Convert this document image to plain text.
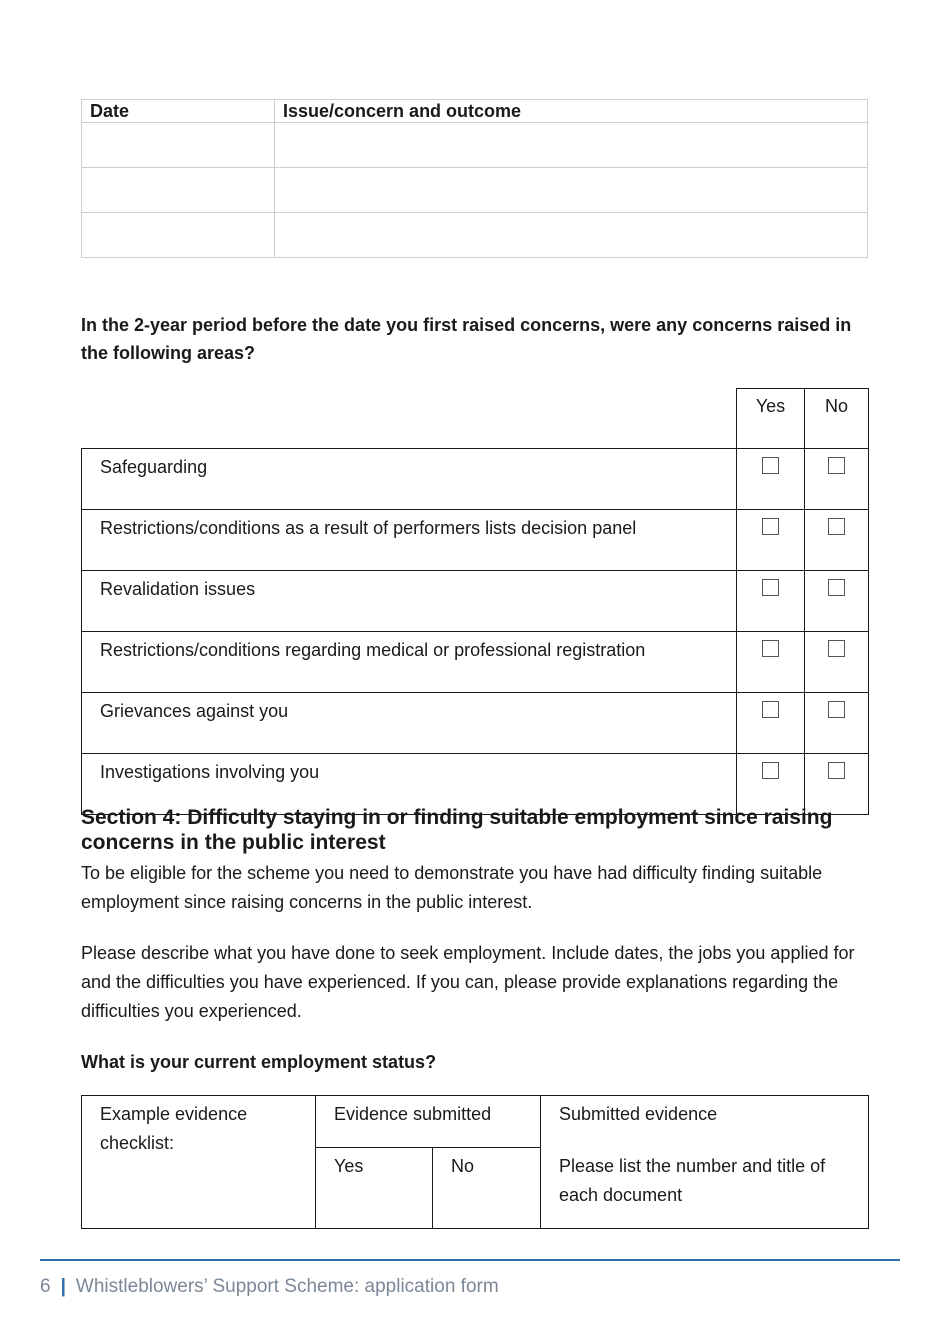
Date	Issue/concern and outcome

In the 2-year period before the date you first raised concerns, were any concerns raised in the following areas?
	Yes	No
Safeguarding		
Restrictions/conditions as a result of performers lists decision panel		
Revalidation issues		
Restrictions/conditions regarding medical or professional registration		
Grievances against you		
Investigations involving you		
Section 4: Difficulty staying in or finding suitable employment since raising concerns in the public interest
To be eligible for the scheme you need to demonstrate you have had difficulty finding suitable employment since raising concerns in the public interest.
Please describe what you have done to seek employment. Include dates, the jobs you applied for and the difficulties you have experienced. If you can, please provide explanations regarding the difficulties you experienced.
What is your current employment status?
Example evidence checklist:	Evidence submitted		Submitted evidence
	Yes	No	Please list the number and title of each document
6 | Whistleblowers’ Support Scheme: application form
